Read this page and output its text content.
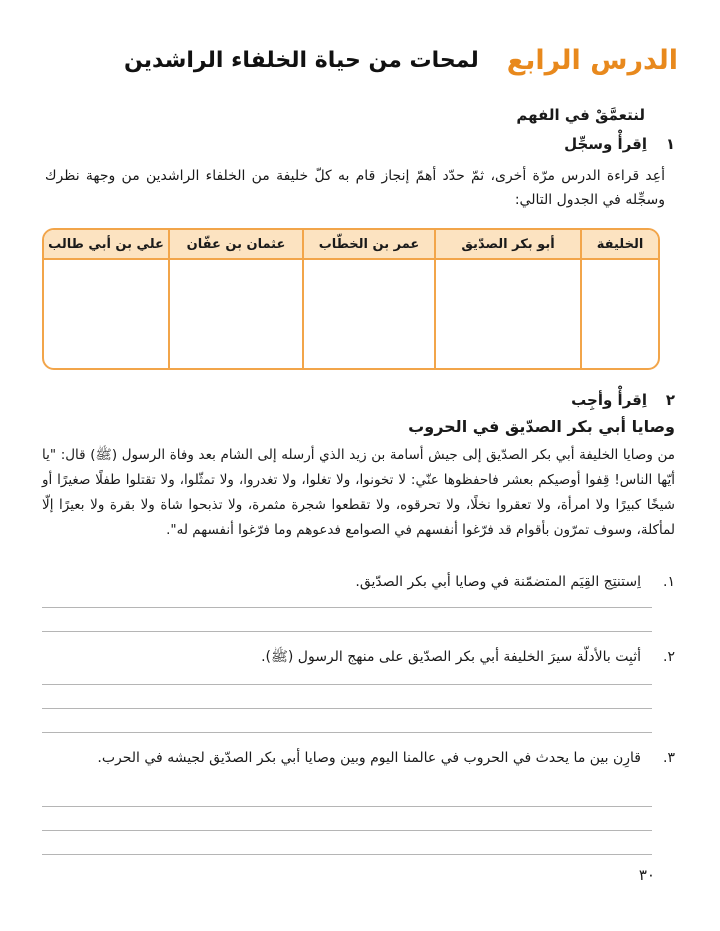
الدرس الرابع
لمحات من حياة الخلفاء الراشدين
لنتعمَّقْ في الفهم
١
اِقرأْ وسجِّل
أعِد قراءة الدرس مرّة أخرى، ثمّ حدّد أهمّ إنجاز قام به كلّ خليفة من الخلفاء الراشدين من وجهة نظرك وسجِّله في الجدول التالي:
الخليفة
أبو بكر الصدّيق
عمر بن الخطّاب
عثمان بن عفّان
علي بن أبي طالب
٢
اِقرأْ وأجِب
وصايا أبي بكر الصدّيق في الحروب
من وصايا الخليفة أبي بكر الصدّيق إلى جيش أسامة بن زيد الذي أرسله إلى الشام بعد وفاة الرسول (ﷺ) قال: "يا أيّها الناس! قِفوا أوصيكم بعشر فاحفظوها عنّي: لا تخونوا، ولا تغلوا، ولا تغدروا، ولا تمثّلوا، ولا تقتلوا طفلًا صغيرًا أو شيخًا كبيرًا ولا امرأة، ولا تعقروا نخلًا، ولا تحرقوه، ولا تقطعوا شجرة مثمرة، ولا تذبحوا شاة ولا بقرة ولا بعيرًا إلّا لمأكلة، وسوف تمرّون بأقوام قد فرّغوا أنفسهم في الصوامع فدعوهم وما فرّغوا أنفسهم له".
١.
اِستنتِج القِيَم المتضمّنة في وصايا أبي بكر الصدّيق.
٢.
أثبِت بالأدلّة سيرَ الخليفة أبي بكر الصدّيق على منهج الرسول (ﷺ).
٣.
قارِن بين ما يحدث في الحروب في عالمنا اليوم وبين وصايا أبي بكر الصدّيق لجيشه في الحرب.
٣٠
